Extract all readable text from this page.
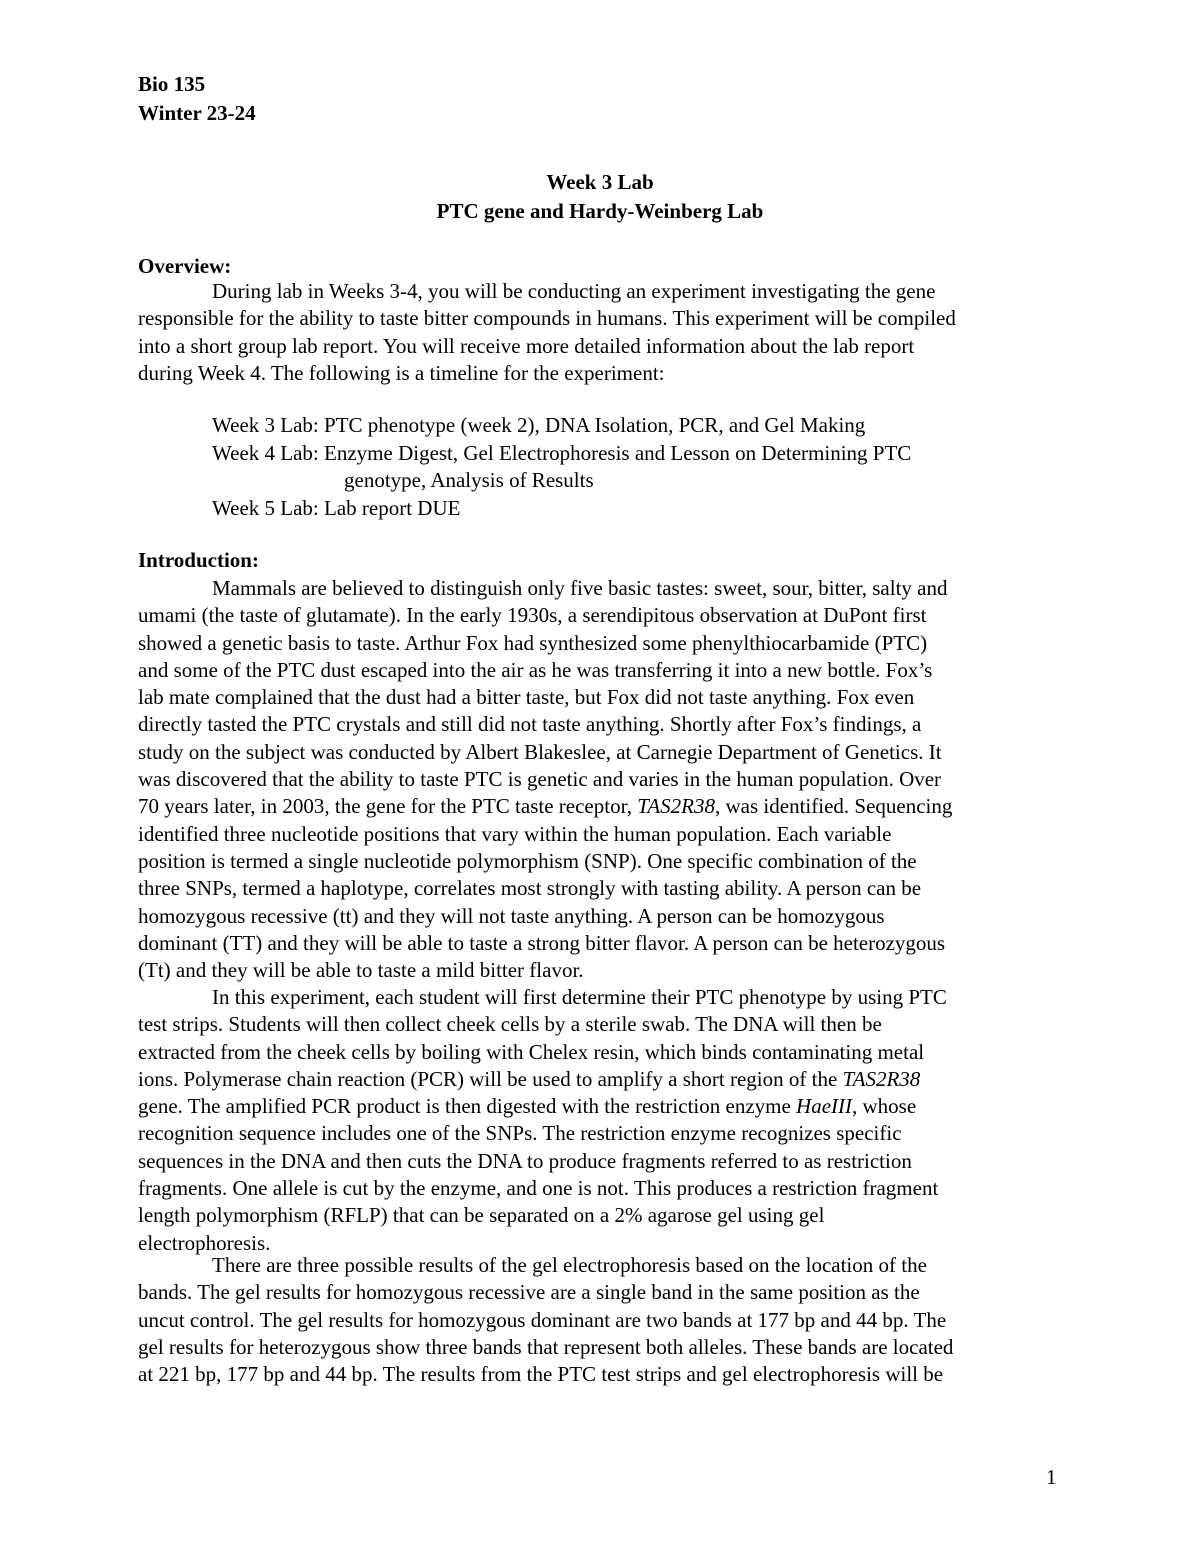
Bio 135
Winter 23-24
Week 3 Lab
PTC gene and Hardy-Weinberg Lab
Overview:
During lab in Weeks 3-4, you will be conducting an experiment investigating the gene
responsible for the ability to taste bitter compounds in humans. This experiment will be compiled
into a short group lab report. You will receive more detailed information about the lab report
during Week 4. The following is a timeline for the experiment:
Week 3 Lab: PTC phenotype (week 2), DNA Isolation, PCR, and Gel Making
Week 4 Lab: Enzyme Digest, Gel Electrophoresis and Lesson on Determining PTC
genotype, Analysis of Results
Week 5 Lab: Lab report DUE
Introduction:
Mammals are believed to distinguish only five basic tastes: sweet, sour, bitter, salty and
umami (the taste of glutamate). In the early 1930s, a serendipitous observation at DuPont first
showed a genetic basis to taste. Arthur Fox had synthesized some phenylthiocarbamide (PTC)
and some of the PTC dust escaped into the air as he was transferring it into a new bottle. Fox’s
lab mate complained that the dust had a bitter taste, but Fox did not taste anything. Fox even
directly tasted the PTC crystals and still did not taste anything. Shortly after Fox’s findings, a
study on the subject was conducted by Albert Blakeslee, at Carnegie Department of Genetics. It
was discovered that the ability to taste PTC is genetic and varies in the human population. Over
70 years later, in 2003, the gene for the PTC taste receptor, TAS2R38, was identified. Sequencing
identified three nucleotide positions that vary within the human population. Each variable
position is termed a single nucleotide polymorphism (SNP). One specific combination of the
three SNPs, termed a haplotype, correlates most strongly with tasting ability. A person can be
homozygous recessive (tt) and they will not taste anything. A person can be homozygous
dominant (TT) and they will be able to taste a strong bitter flavor. A person can be heterozygous
(Tt) and they will be able to taste a mild bitter flavor.
In this experiment, each student will first determine their PTC phenotype by using PTC
test strips. Students will then collect cheek cells by a sterile swab. The DNA will then be
extracted from the cheek cells by boiling with Chelex resin, which binds contaminating metal
ions. Polymerase chain reaction (PCR) will be used to amplify a short region of the TAS2R38
gene. The amplified PCR product is then digested with the restriction enzyme HaeIII, whose
recognition sequence includes one of the SNPs. The restriction enzyme recognizes specific
sequences in the DNA and then cuts the DNA to produce fragments referred to as restriction
fragments. One allele is cut by the enzyme, and one is not. This produces a restriction fragment
length polymorphism (RFLP) that can be separated on a 2% agarose gel using gel
electrophoresis.
There are three possible results of the gel electrophoresis based on the location of the
bands. The gel results for homozygous recessive are a single band in the same position as the
uncut control. The gel results for homozygous dominant are two bands at 177 bp and 44 bp. The
gel results for heterozygous show three bands that represent both alleles. These bands are located
at 221 bp, 177 bp and 44 bp. The results from the PTC test strips and gel electrophoresis will be
1
